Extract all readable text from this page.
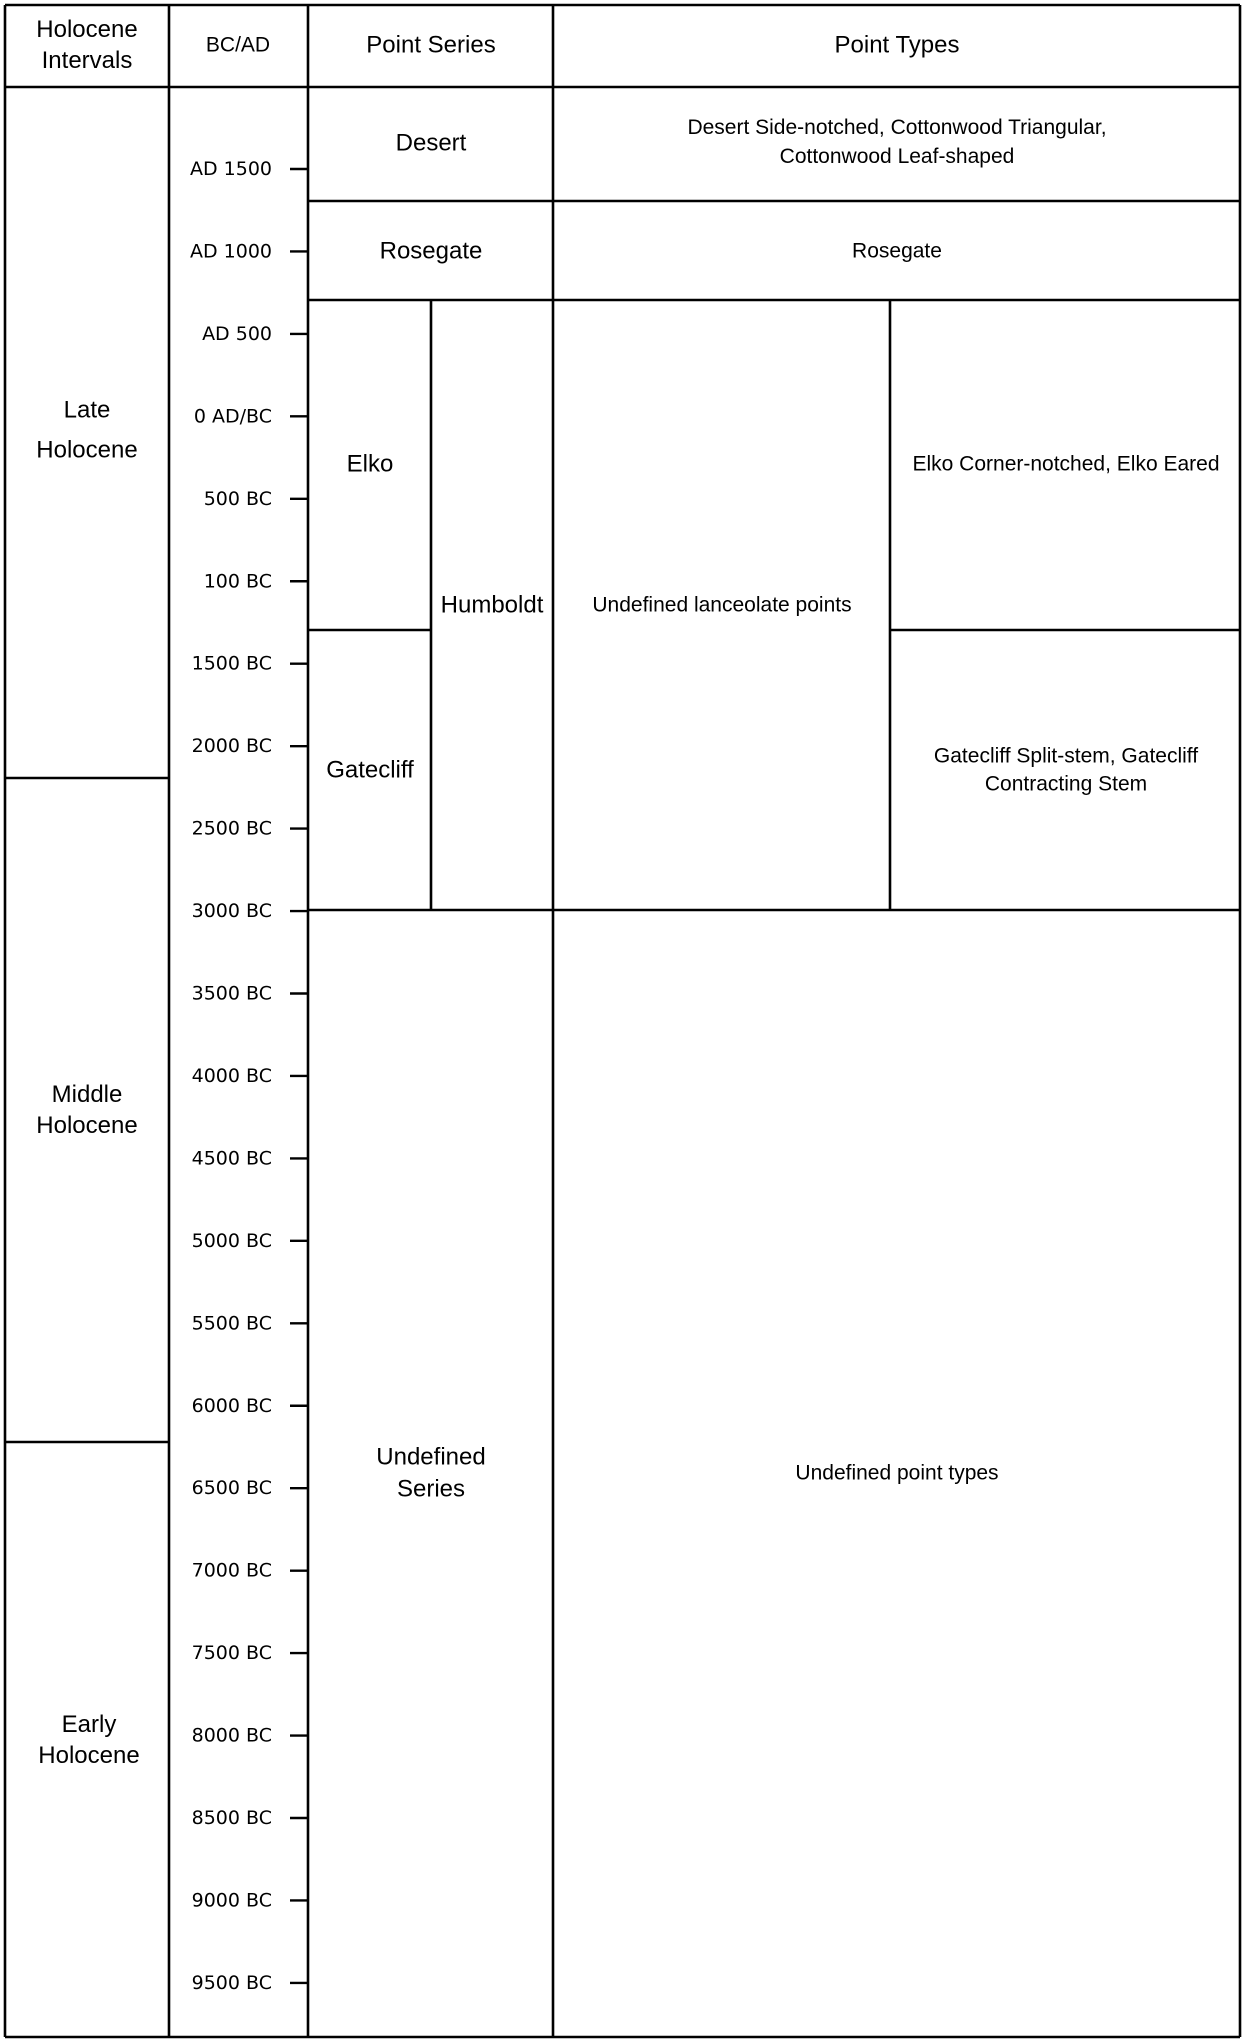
AD 1500
AD 1000
AD 500
0 AD/BC
500 BC
100 BC
1500 BC
2000 BC
2500 BC
3000 BC
3500 BC
4000 BC
4500 BC
5000 BC
5500 BC
6000 BC
6500 BC
7000 BC
7500 BC
8000 BC
8500 BC
9000 BC
9500 BC
Holocene Intervals
BC/AD	Point Series	Point Types
Late Holocene
Middle Holocene
Early Holocene
Desert
Rosegate
Elko
Gatecliff
Humboldt
Undefined Series
Desert Side-notched, Cottonwood Triangular, Cottonwood Leaf-shaped
Rosegate
Undefined lanceolate points
Elko Corner-notched, Elko Eared
Gatecliff Split-stem, Gatecliff Contracting Stem
Undefined point types
